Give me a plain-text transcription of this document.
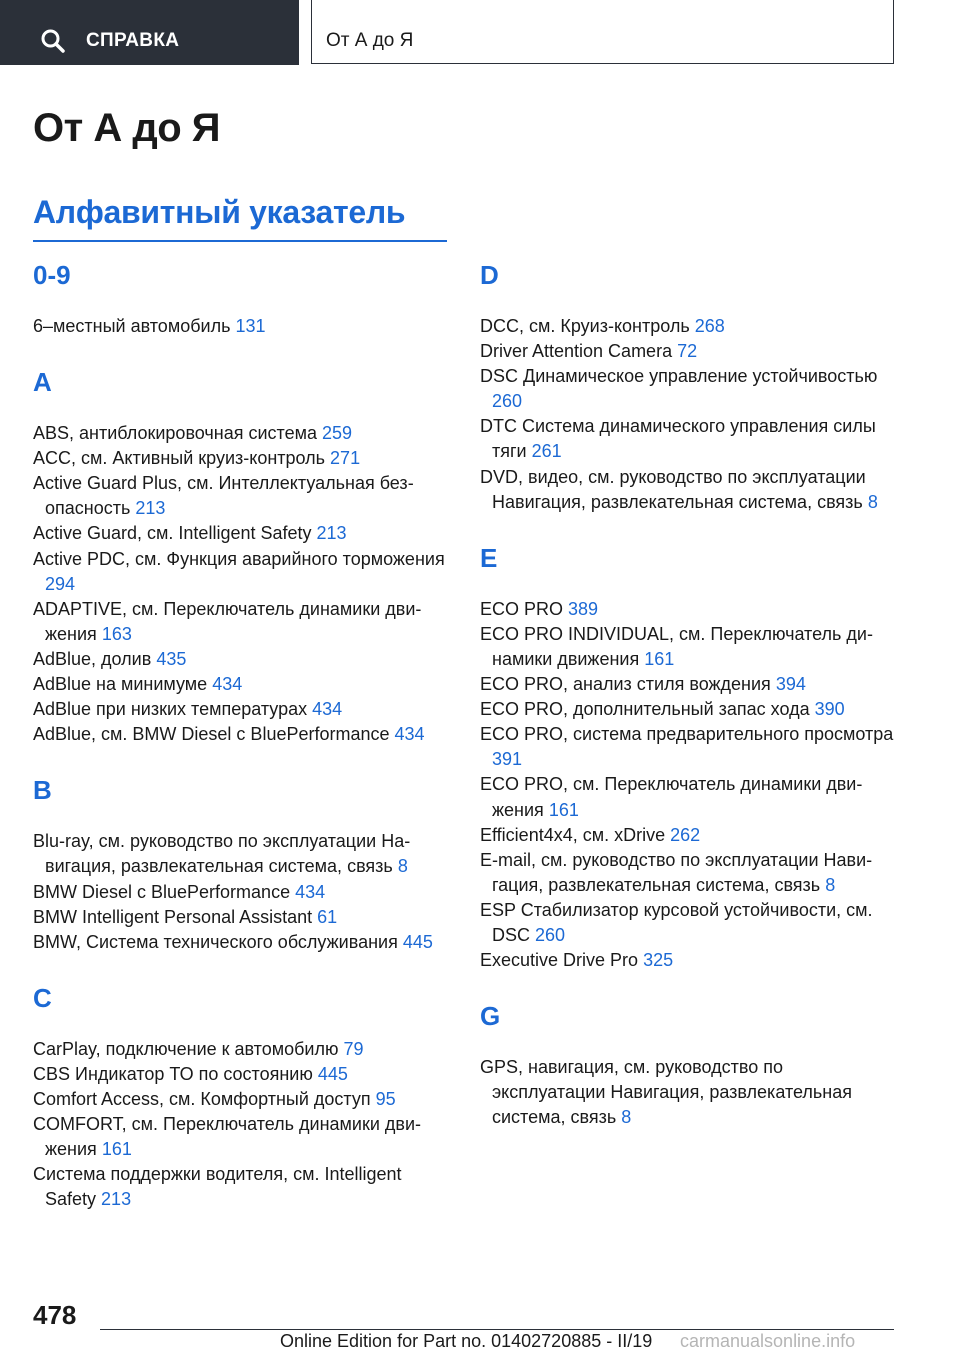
СПРАВКА	От А до Я
От А до Я
Алфавитный указатель
0-9

6–местный автомобиль 131

A

ABS, антиблокировочная система 259

ACC, см. Активный круиз-контроль 271

Active Guard Plus, см. Интеллектуальная безопасность 213

Active Guard, см. Intelligent Safety 213

Active PDC, см. Функция аварийного торможения 294

ADAPTIVE, см. Переключатель динамики движения 163

AdBlue, долив 435

AdBlue на минимуме 434

AdBlue при низких температурах 434

AdBlue, см. BMW Diesel с BluePerformance 434

B

Blu-ray, см. руководство по эксплуатации Навигация, развлекательная система, связь 8

BMW Diesel с BluePerformance 434

BMW Intelligent Personal Assistant 61

BMW, Система технического обслуживания 445

C

CarPlay, подключение к автомобилю 79

CBS Индикатор ТО по состоянию 445

Comfort Access, см. Комфортный доступ 95

COMFORT, см. Переключатель динамики движения 161

Система поддержки водителя, см. Intelligent Safety 213

D

DCC, см. Круиз-контроль 268

Driver Attention Camera 72

DSC Динамическое управление устойчивостью 260

DTC Система динамического управления силы тяги 261

DVD, видео, см. руководство по эксплуатации Навигация, развлекательная система, связь 8

E

ECO PRO 389

ECO PRO INDIVIDUAL, см. Переключатель динамики движения 161

ECO PRO, анализ стиля вождения 394

ECO PRO, дополнительный запас хода 390

ECO PRO, система предварительного просмотра 391

ECO PRO, см. Переключатель динамики движения 161

Efficient4x4, см. xDrive 262

E-mail, см. руководство по эксплуатации Навигация, развлекательная система, связь 8

ESP Стабилизатор курсовой устойчивости, см. DSC 260

Executive Drive Pro 325

G

GPS, навигация, см. руководство по эксплуатации Навигация, развлекательная система, связь 8

478
Online Edition for Part no. 01402720885 - II/19 carmanualsonline.info
